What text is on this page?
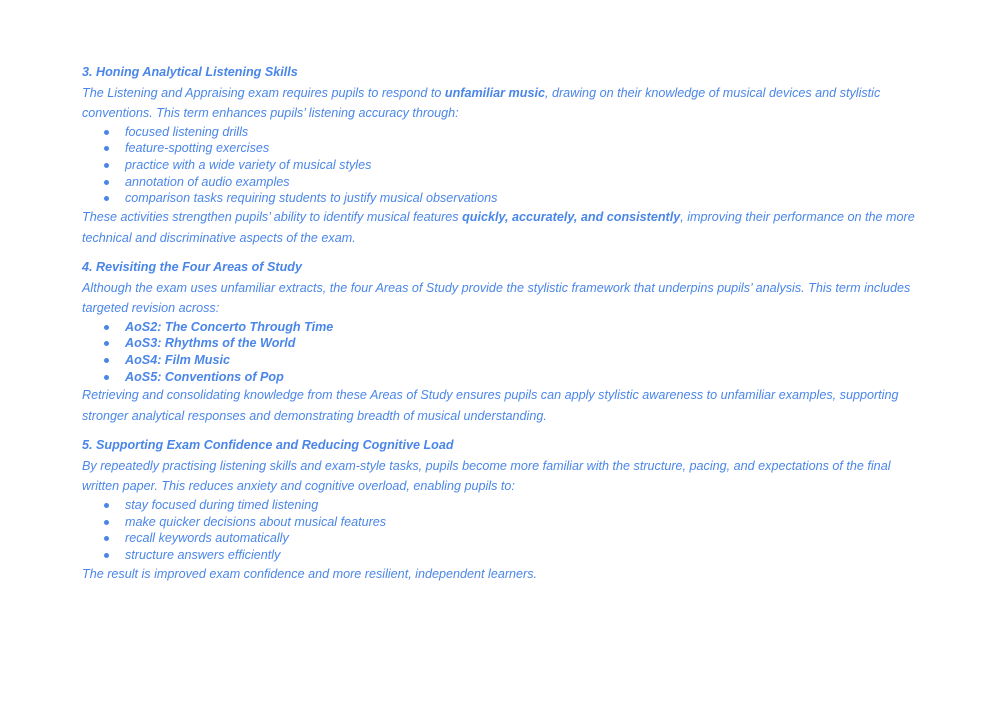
3. Honing Analytical Listening Skills

The Listening and Appraising exam requires pupils to respond to unfamiliar music, drawing on their knowledge of musical devices and stylistic conventions. This term enhances pupils’ listening accuracy through:

focused listening drills
feature-spotting exercises
practice with a wide variety of musical styles
annotation of audio examples
comparison tasks requiring students to justify musical observations

These activities strengthen pupils’ ability to identify musical features quickly, accurately, and consistently, improving their performance on the more technical and discriminative aspects of the exam.

4. Revisiting the Four Areas of Study

Although the exam uses unfamiliar extracts, the four Areas of Study provide the stylistic framework that underpins pupils’ analysis. This term includes targeted revision across:

AoS2: The Concerto Through Time
AoS3: Rhythms of the World
AoS4: Film Music
AoS5: Conventions of Pop

Retrieving and consolidating knowledge from these Areas of Study ensures pupils can apply stylistic awareness to unfamiliar examples, supporting stronger analytical responses and demonstrating breadth of musical understanding.

5. Supporting Exam Confidence and Reducing Cognitive Load

By repeatedly practising listening skills and exam-style tasks, pupils become more familiar with the structure, pacing, and expectations of the final written paper. This reduces anxiety and cognitive overload, enabling pupils to:

stay focused during timed listening
make quicker decisions about musical features
recall keywords automatically
structure answers efficiently

The result is improved exam confidence and more resilient, independent learners.
